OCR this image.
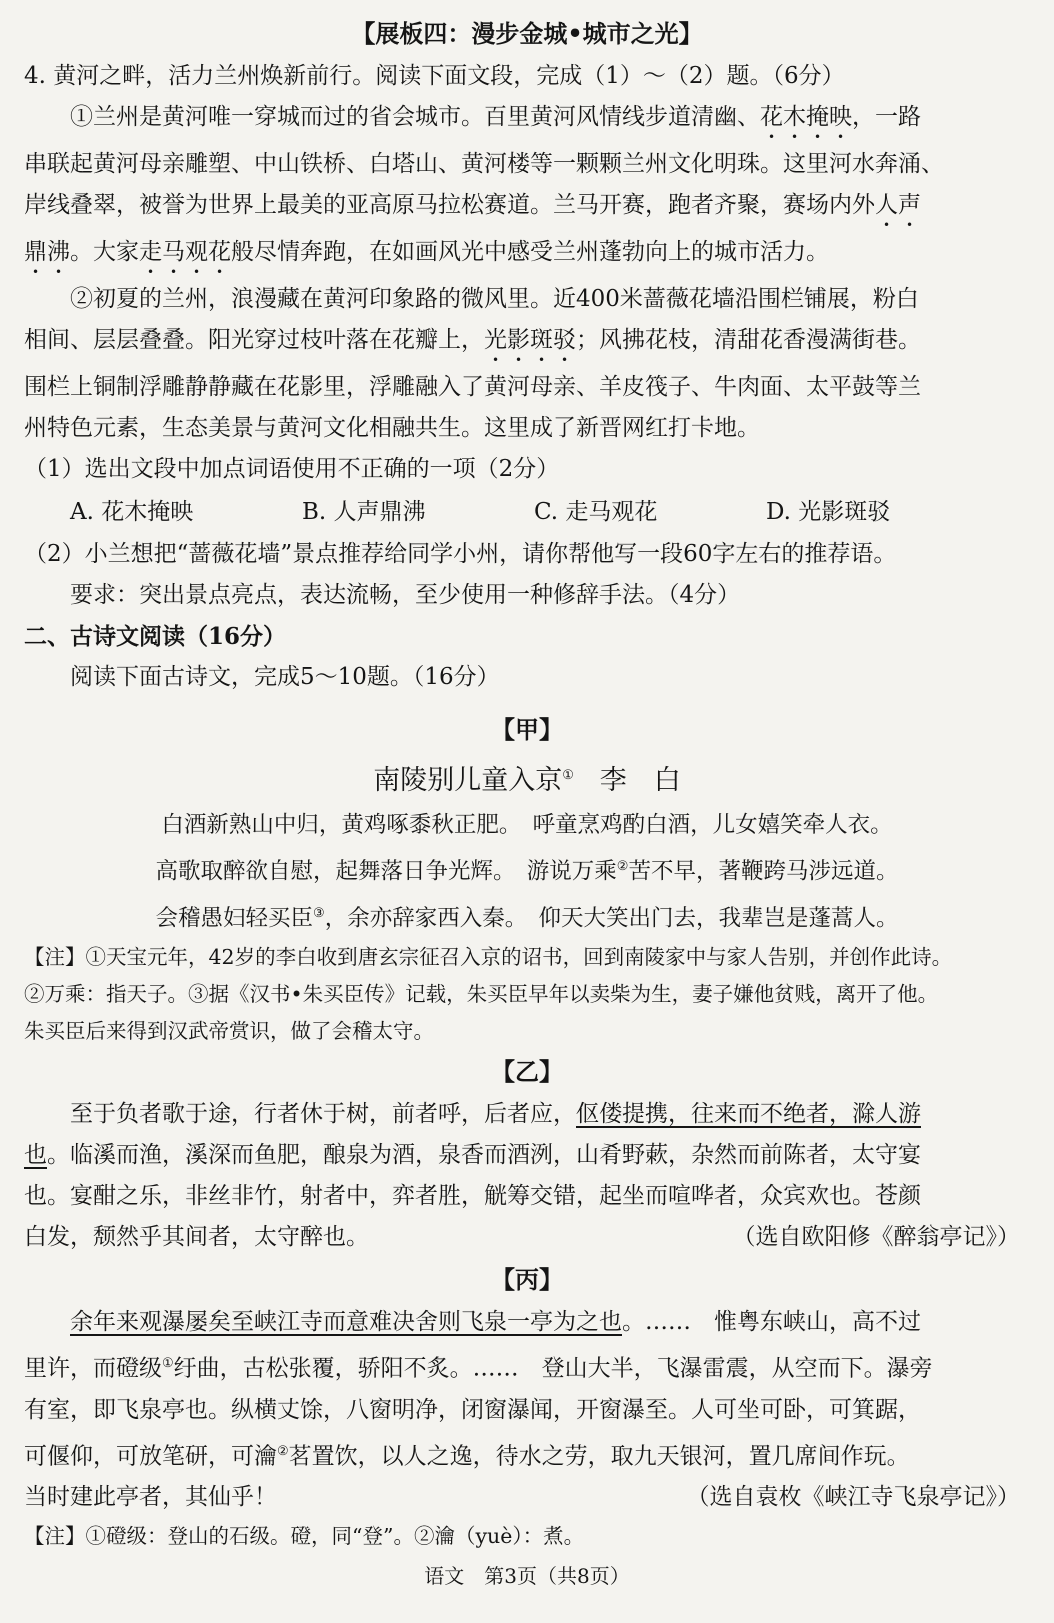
【展板四：漫步金城•城市之光】
4. 黄河之畔，活力兰州焕新前行。阅读下面文段，完成（1）～（2）题。（6分）
①兰州是黄河唯一穿城而过的省会城市。百里黄河风情线步道清幽、花木掩映，一路
串联起黄河母亲雕塑、中山铁桥、白塔山、黄河楼等一颗颗兰州文化明珠。这里河水奔涌、
岸线叠翠，被誉为世界上最美的亚高原马拉松赛道。兰马开赛，跑者齐聚，赛场内外人声
鼎沸。大家走马观花般尽情奔跑，在如画风光中感受兰州蓬勃向上的城市活力。
②初夏的兰州，浪漫藏在黄河印象路的微风里。近400米蔷薇花墙沿围栏铺展，粉白
相间、层层叠叠。阳光穿过枝叶落在花瓣上，光影斑驳；风拂花枝，清甜花香漫满街巷。
围栏上铜制浮雕静静藏在花影里，浮雕融入了黄河母亲、羊皮筏子、牛肉面、太平鼓等兰
州特色元素，生态美景与黄河文化相融共生。这里成了新晋网红打卡地。
（1）选出文段中加点词语使用不正确的一项（2分）
A. 花木掩映	B. 人声鼎沸	C. 走马观花	D. 光影斑驳
（2）小兰想把“蔷薇花墙”景点推荐给同学小州，请你帮他写一段60字左右的推荐语。
要求：突出景点亮点，表达流畅，至少使用一种修辞手法。（4分）
二、古诗文阅读（16分）
阅读下面古诗文，完成5～10题。（16分）
【甲】
南陵别儿童入京① 李　白
白酒新熟山中归，黄鸡啄黍秋正肥。　呼童烹鸡酌白酒，儿女嬉笑牵人衣。
高歌取醉欲自慰，起舞落日争光辉。　游说万乘②苦不早，著鞭跨马涉远道。
会稽愚妇轻买臣③，余亦辞家西入秦。　仰天大笑出门去，我辈岂是蓬蒿人。
【注】①天宝元年，42岁的李白收到唐玄宗征召入京的诏书，回到南陵家中与家人告别，并创作此诗。
②万乘：指天子。③据《汉书•朱买臣传》记载，朱买臣早年以卖柴为生，妻子嫌他贫贱，离开了他。
朱买臣后来得到汉武帝赏识，做了会稽太守。
【乙】
至于负者歌于途，行者休于树，前者呼，后者应，伛偻提携，往来而不绝者，滁人游
也。临溪而渔，溪深而鱼肥，酿泉为酒，泉香而酒洌，山肴野蔌，杂然而前陈者，太守宴
也。宴酣之乐，非丝非竹，射者中，弈者胜，觥筹交错，起坐而喧哗者，众宾欢也。苍颜
白发，颓然乎其间者，太守醉也。	（选自欧阳修《醉翁亭记》）
【丙】
余年来观瀑屡矣至峡江寺而意难决舍则飞泉一亭为之也。……　惟粤东峡山，高不过
里许，而磴级①纡曲，古松张覆，骄阳不炙。……　登山大半，飞瀑雷震，从空而下。瀑旁
有室，即飞泉亭也。纵横丈馀，八窗明净，闭窗瀑闻，开窗瀑至。人可坐可卧，可箕踞，
可偃仰，可放笔研，可瀹②茗置饮，以人之逸，待水之劳，取九天银河，置几席间作玩。
当时建此亭者，其仙乎！	（选自袁枚《峡江寺飞泉亭记》）
【注】①磴级：登山的石级。磴，同“登”。②瀹（yuè）：煮。
语文　第3页（共8页）
